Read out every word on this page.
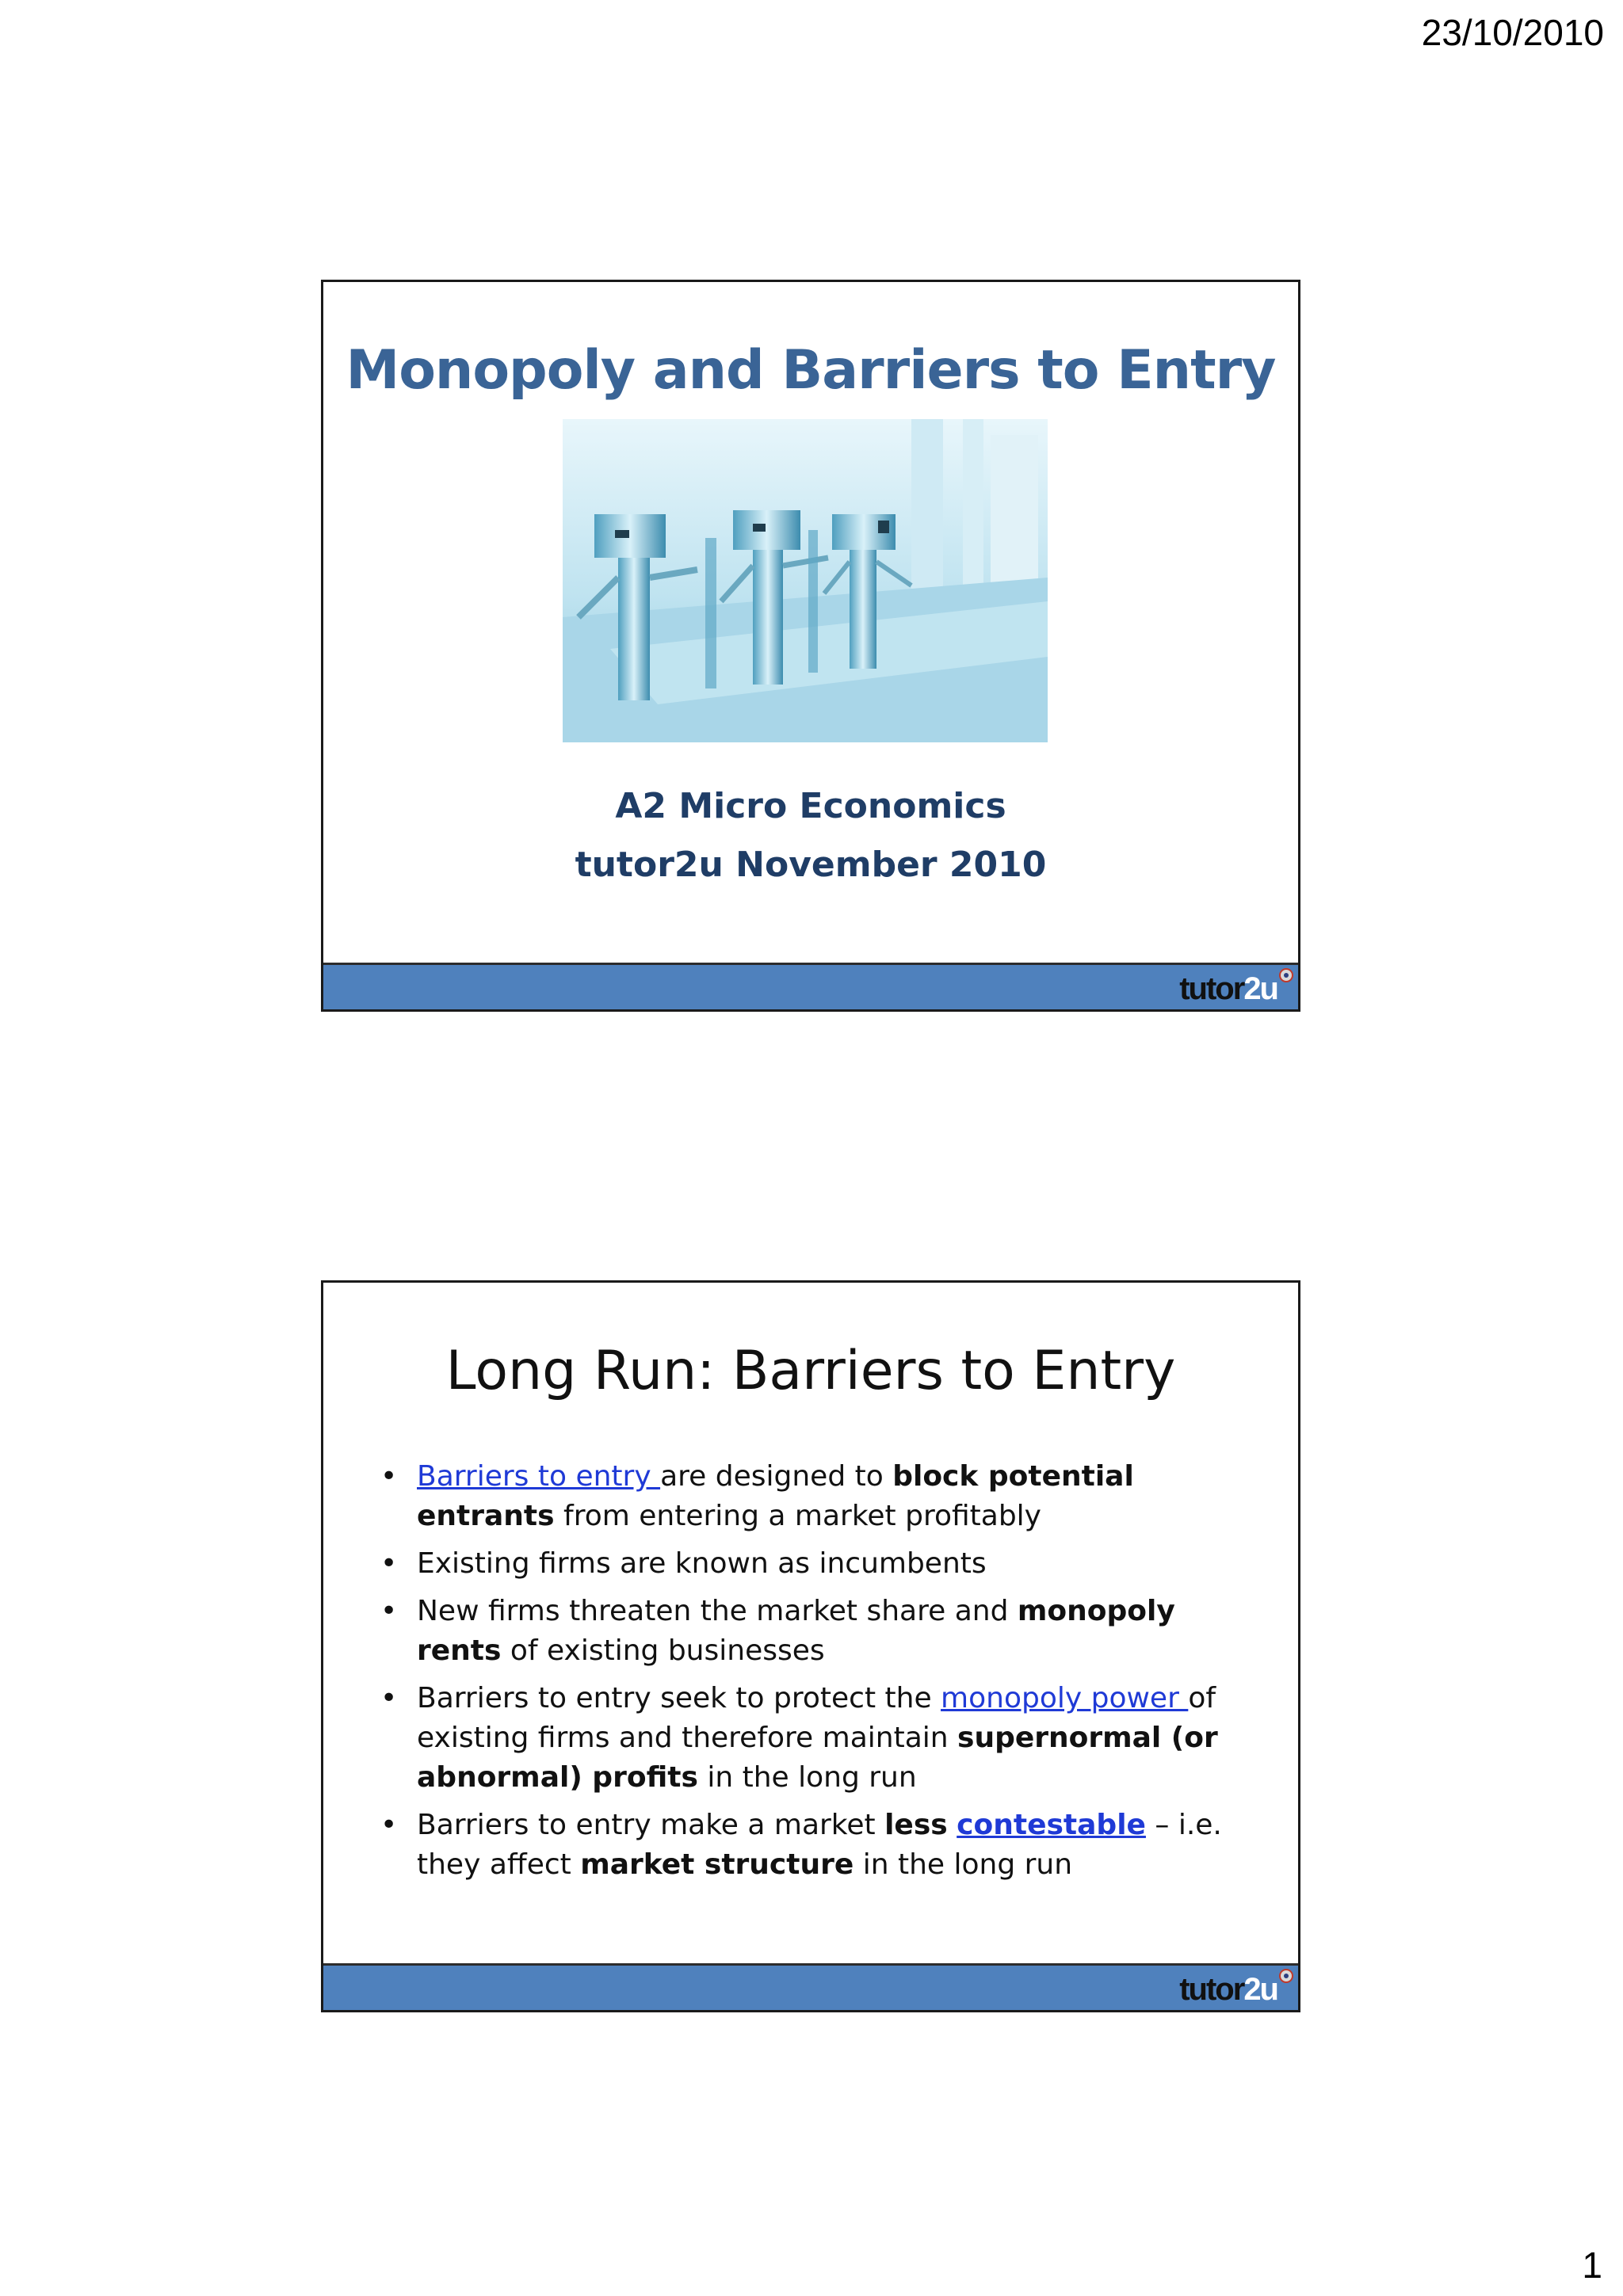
23/10/2010
Monopoly and Barriers to Entry
A2 Micro Economics
tutor2u November 2010
tutor2u
Long Run: Barriers to Entry
• Barriers to entry are designed to block potential entrants from entering a market profitably
• Existing firms are known as incumbents
• New firms threaten the market share and monopoly rents of existing businesses
• Barriers to entry seek to protect the monopoly power of existing firms and therefore maintain supernormal (or abnormal) profits in the long run
• Barriers to entry make a market less contestable – i.e. they affect market structure in the long run
tutor2u
1
